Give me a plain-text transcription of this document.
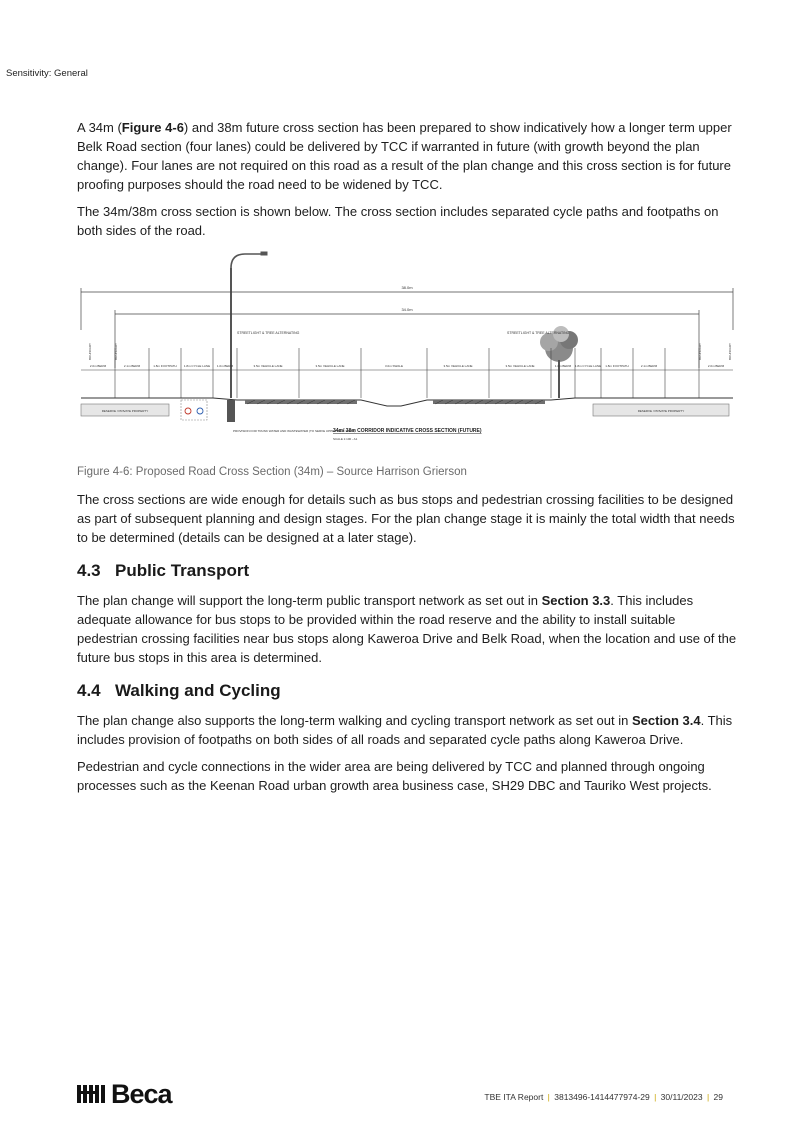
Sensitivity: General

A 34m (Figure 4-6) and 38m future cross section has been prepared to show indicatively how a longer term upper Belk Road section (four lanes) could be delivered by TCC if warranted in future (with growth beyond the plan change). Four lanes are not required on this road as a result of the plan change and this cross section is for future proofing purposes should the road need to be widened by TCC.

The 34m/38m cross section is shown below. The cross section includes separated cycle paths and footpaths on both sides of the road.

38.0m
34.0m
STREETLIGHT & TREE ALTERNATING	STREETLIGHT & TREE ALTERNATING
BOUNDARY	BOUNDARY	BOUNDARY	BOUNDARY
2.0m BERM	2.1m BERM	1.8m FOOTPATH 1.8m CYCLE LANE 1.0m BERM	3.5m VEHICLE LANE	3.5m VEHICLE LANE	3.0m SWALE	3.5m VEHICLE LANE	3.5m VEHICLE LANE	1.0m BERM 1.8m CYCLE LANE 1.8m FOOTPATH	2.1m BERM	2.0m BERM
RESERVE / PRIVATE PROPERTY	RESERVE / PRIVATE PROPERTY
PROVISION FOR TRUNK WATER AND WASTEWATER (TO SERVE UPPER BELK ROAD)
34m/ 38m CORRIDOR INDICATIVE CROSS SECTION (FUTURE)
SCALE 1:100 - A1
Figure 4-6: Proposed Road Cross Section (34m) – Source Harrison Grierson

The cross sections are wide enough for details such as bus stops and pedestrian crossing facilities to be designed as part of subsequent planning and design stages. For the plan change stage it is mainly the total width that needs to be determined (details can be designed at a later stage).

4.3 Public Transport

The plan change will support the long-term public transport network as set out in Section 3.3. This includes adequate allowance for bus stops to be provided within the road reserve and the ability to install suitable pedestrian crossing facilities near bus stops along Kaweroa Drive and Belk Road, when the location and use of the future bus stops in this area is determined.

4.4 Walking and Cycling

The plan change also supports the long-term walking and cycling transport network as set out in Section 3.4. This includes provision of footpaths on both sides of all roads and separated cycle paths along Kaweroa Drive.

Pedestrian and cycle connections in the wider area are being delivered by TCC and planned through ongoing processes such as the Keenan Road urban growth area business case, SH29 DBC and Tauriko West projects.

Beca	TBE ITA Report | 3813496-1414477974-29 | 30/11/2023 | 29
